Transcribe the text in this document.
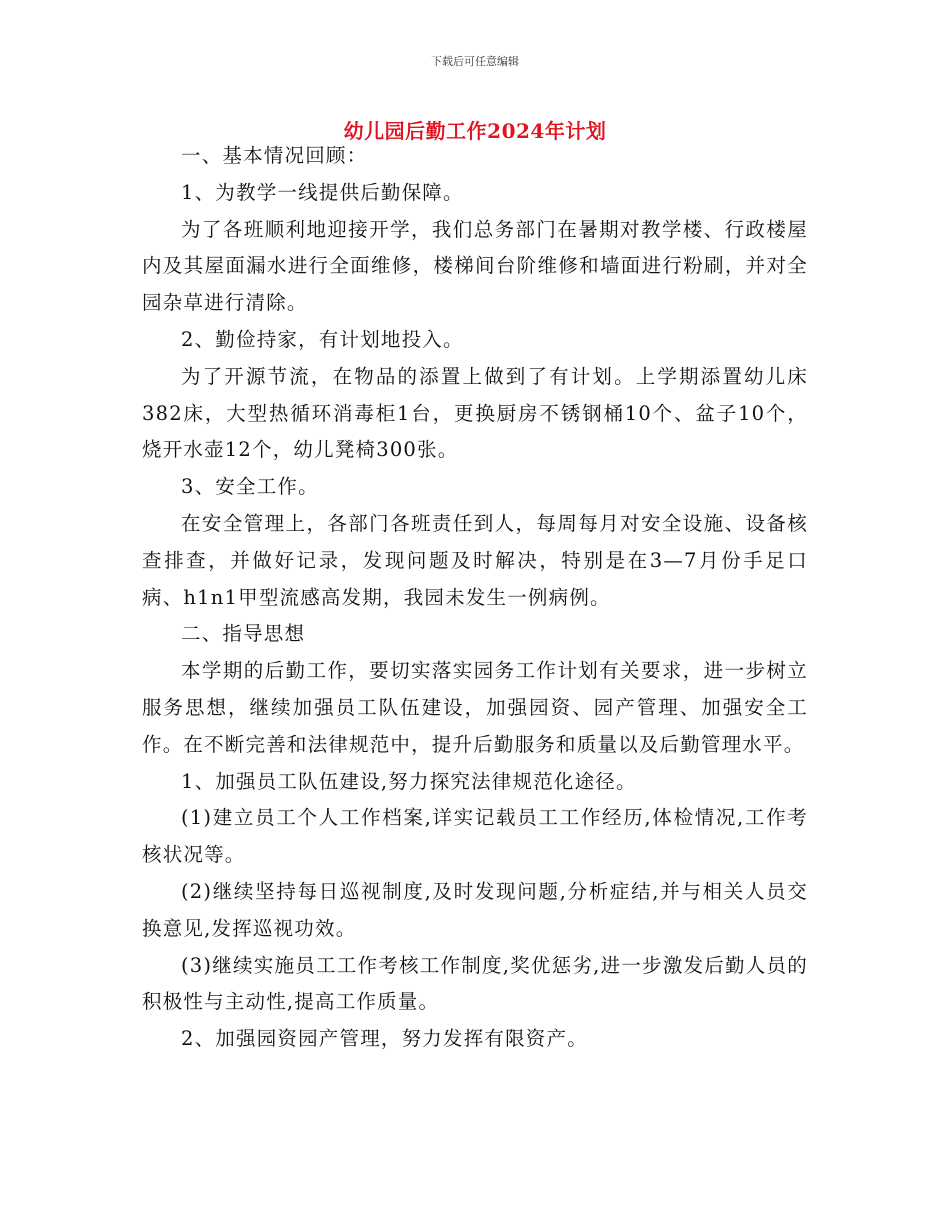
下载后可任意编辑
幼儿园后勤工作2024年计划

一、基本情况回顾：

1、为教学一线提供后勤保障。

为了各班顺利地迎接开学，我们总务部门在暑期对教学楼、行政楼屋内及其屋面漏水进行全面维修，楼梯间台阶维修和墙面进行粉刷，并对全园杂草进行清除。

2、勤俭持家，有计划地投入。

为了开源节流，在物品的添置上做到了有计划。上学期添置幼儿床382床，大型热循环消毒柜1台，更换厨房不锈钢桶10个、盆子10个，烧开水壶12个，幼儿凳椅300张。

3、安全工作。

在安全管理上，各部门各班责任到人，每周每月对安全设施、设备核查排查，并做好记录，发现问题及时解决，特别是在3—7月份手足口病、h1n1甲型流感高发期，我园未发生一例病例。

二、指导思想

本学期的后勤工作，要切实落实园务工作计划有关要求，进一步树立服务思想，继续加强员工队伍建设，加强园资、园产管理、加强安全工作。在不断完善和法律规范中，提升后勤服务和质量以及后勤管理水平。

1、加强员工队伍建设,努力探究法律规范化途径。

(1)建立员工个人工作档案,详实记载员工工作经历,体检情况,工作考核状况等。

(2)继续坚持每日巡视制度,及时发现问题,分析症结,并与相关人员交换意见,发挥巡视功效。

(3)继续实施员工工作考核工作制度,奖优惩劣,进一步激发后勤人员的积极性与主动性,提高工作质量。

2、加强园资园产管理，努力发挥有限资产。
